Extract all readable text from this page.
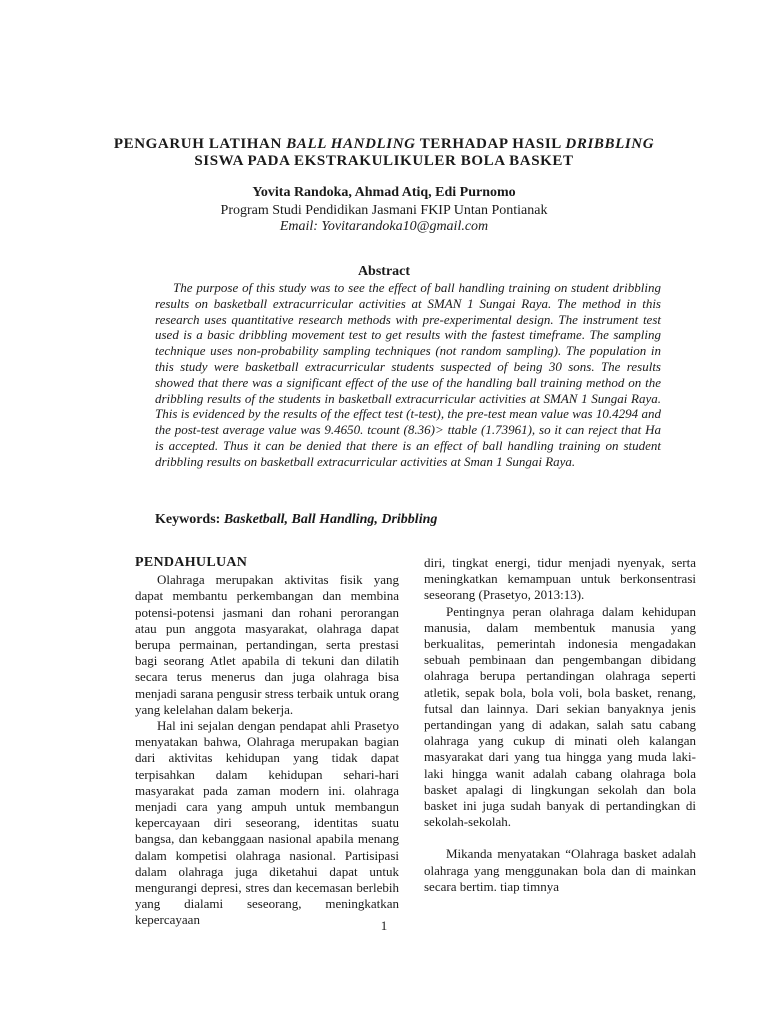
PENGARUH LATIHAN BALL HANDLING TERHADAP HASIL DRIBBLING
SISWA PADA EKSTRAKULIKULER BOLA BASKET
Yovita Randoka, Ahmad Atiq, Edi Purnomo
Program Studi Pendidikan Jasmani FKIP Untan Pontianak
Email: Yovitarandoka10@gmail.com
Abstract

The purpose of this study was to see the effect of ball handling training on student dribbling results on basketball extracurricular activities at SMAN 1 Sungai Raya. The method in this research uses quantitative research methods with pre-experimental design. The instrument test used is a basic dribbling movement test to get results with the fastest timeframe. The sampling technique uses non-probability sampling techniques (not random sampling). The population in this study were basketball extracurricular students suspected of being 30 sons. The results showed that there was a significant effect of the use of the handling ball training method on the dribbling results of the students in basketball extracurricular activities at SMAN 1 Sungai Raya. This is evidenced by the results of the effect test (t-test), the pre-test mean value was 10.4294 and the post-test average value was 9.4650. tcount (8.36)> ttable (1.73961), so it can reject that Ha is accepted. Thus it can be denied that there is an effect of ball handling training on student dribbling results on basketball extracurricular activities at Sman 1 Sungai Raya.

Keywords: Basketball, Ball Handling, Dribbling

PENDAHULUAN

Olahraga merupakan aktivitas fisik yang dapat membantu perkembangan dan membina potensi-potensi jasmani dan rohani perorangan atau pun anggota masyarakat, olahraga dapat berupa permainan, pertandingan, serta prestasi bagi seorang Atlet apabila di tekuni dan dilatih secara terus menerus dan juga olahraga bisa menjadi sarana pengusir stress terbaik untuk orang yang kelelahan dalam bekerja.

Hal ini sejalan dengan pendapat ahli Prasetyo menyatakan bahwa, Olahraga merupakan bagian dari aktivitas kehidupan yang tidak dapat terpisahkan dalam kehidupan sehari-hari masyarakat pada zaman modern ini. olahraga menjadi cara yang ampuh untuk membangun kepercayaan diri seseorang, identitas suatu bangsa, dan kebanggaan nasional apabila menang dalam kompetisi olahraga nasional. Partisipasi dalam olahraga juga diketahui dapat untuk mengurangi depresi, stres dan kecemasan berlebih yang dialami seseorang, meningkatkan kepercayaan

diri, tingkat energi, tidur menjadi nyenyak, serta meningkatkan kemampuan untuk berkonsentrasi seseorang (Prasetyo, 2013:13).

Pentingnya peran olahraga dalam kehidupan manusia, dalam membentuk manusia yang berkualitas, pemerintah indonesia mengadakan sebuah pembinaan dan pengembangan dibidang olahraga berupa pertandingan olahraga seperti atletik, sepak bola, bola voli, bola basket, renang, futsal dan lainnya. Dari sekian banyaknya jenis pertandingan yang di adakan, salah satu cabang olahraga yang cukup di minati oleh kalangan masyarakat dari yang tua hingga yang muda laki-laki hingga wanit adalah cabang olahraga bola basket apalagi di lingkungan sekolah dan bola basket ini juga sudah banyak di pertandingkan di sekolah-sekolah.

Mikanda menyatakan “Olahraga basket adalah olahraga yang menggunakan bola dan di mainkan secara bertim. tiap timnya

1
